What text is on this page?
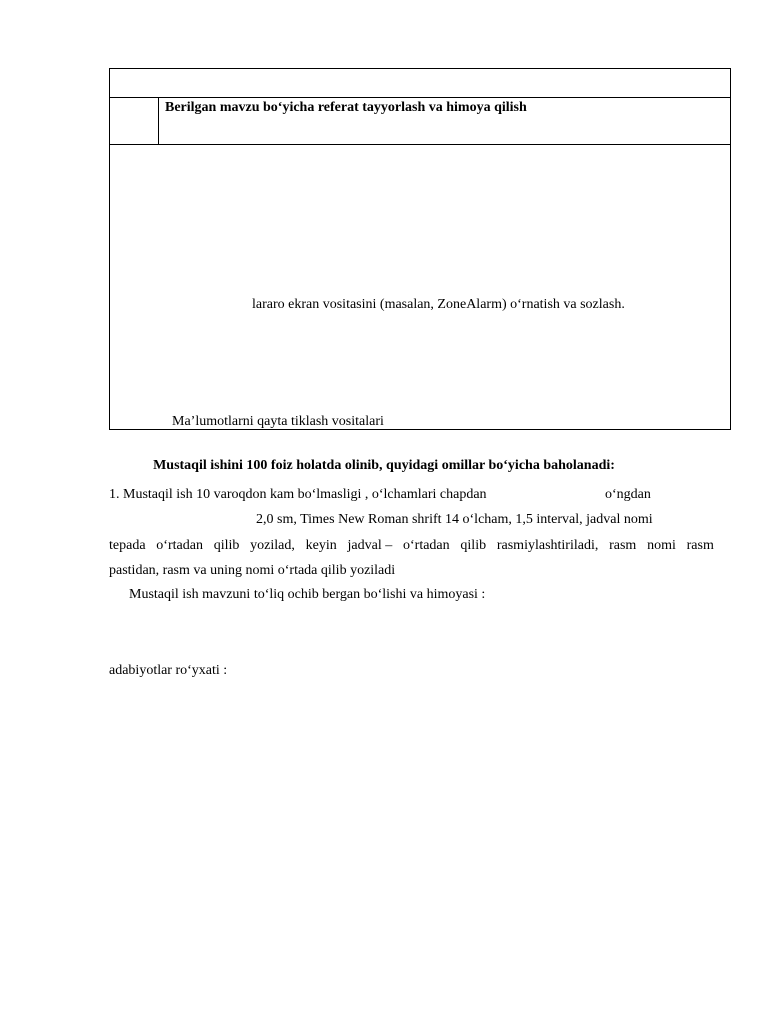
Berilgan mavzu bo‘yicha referat tayyorlash va himoya qilish
lararo ekran vositasini (masalan, ZoneAlarm) o‘rnatish va sozlash.
Ma’lumotlarni qayta tiklash vositalari
Mustaqil ishini 100 foiz holatda olinib, quyidagi omillar bo‘yicha baholanadi:
1. Mustaqil ish 10 varoqdon kam bo‘lmasligi , o‘lchamlari chapdan	o‘ngdan
2,0 sm, Times New Roman shrift 14 o‘lcham, 1,5 interval, jadval nomi
tepada o‘rtadan qilib yozilad, keyin jadval – o‘rtadan qilib rasmiylashtiriladi, rasm nomi rasm
pastidan, rasm va uning nomi o‘rtada qilib yoziladi
Mustaqil ish mavzuni to‘liq ochib bergan bo‘lishi va himoyasi :
adabiyotlar ro‘yxati :
